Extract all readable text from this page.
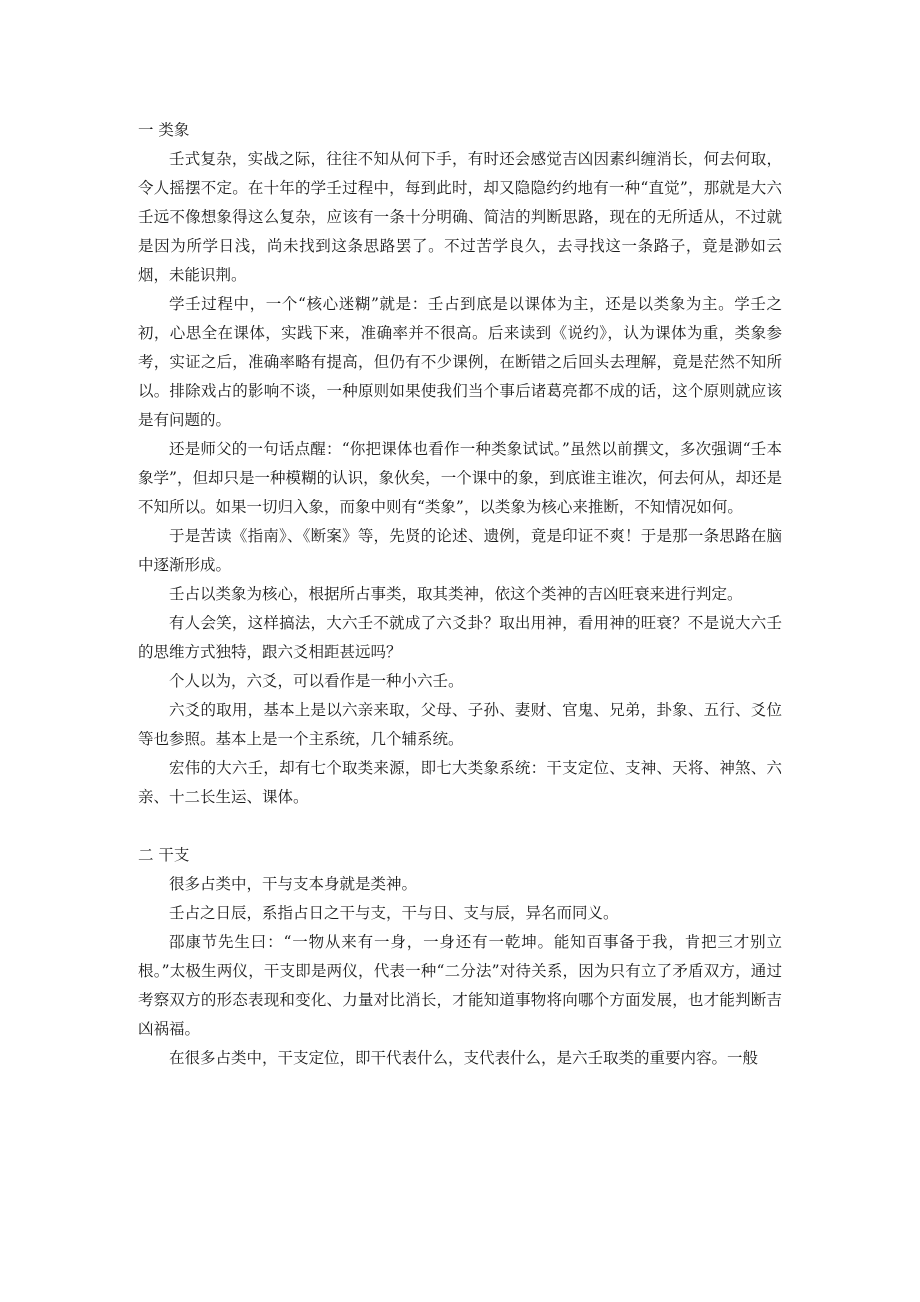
一 类象

壬式复杂，实战之际，往往不知从何下手，有时还会感觉吉凶因素纠缠消长，何去何取，令人摇摆不定。在十年的学壬过程中，每到此时，却又隐隐约约地有一种“直觉”，那就是大六壬远不像想象得这么复杂，应该有一条十分明确、简洁的判断思路，现在的无所适从，不过就是因为所学日浅，尚未找到这条思路罢了。不过苦学良久，去寻找这一条路子，竟是渺如云烟，未能识荆。

学壬过程中，一个“核心迷糊”就是：壬占到底是以课体为主，还是以类象为主。学壬之初，心思全在课体，实践下来，准确率并不很高。后来读到《说约》，认为课体为重，类象参考，实证之后，准确率略有提高，但仍有不少课例，在断错之后回头去理解，竟是茫然不知所以。排除戏占的影响不谈，一种原则如果使我们当个事后诸葛亮都不成的话，这个原则就应该是有问题的。

还是师父的一句话点醒：“你把课体也看作一种类象试试。”虽然以前撰文，多次强调“壬本象学”，但却只是一种模糊的认识，象伙矣，一个课中的象，到底谁主谁次，何去何从，却还是不知所以。如果一切归入象，而象中则有“类象”，以类象为核心来推断，不知情况如何。

于是苦读《指南》、《断案》等，先贤的论述、遗例，竟是印证不爽！于是那一条思路在脑中逐渐形成。

壬占以类象为核心，根据所占事类，取其类神，依这个类神的吉凶旺衰来进行判定。

有人会笑，这样搞法，大六壬不就成了六爻卦？取出用神，看用神的旺衰？不是说大六壬的思维方式独特，跟六爻相距甚远吗？

个人以为，六爻，可以看作是一种小六壬。

六爻的取用，基本上是以六亲来取，父母、子孙、妻财、官鬼、兄弟，卦象、五行、爻位等也参照。基本上是一个主系统，几个辅系统。

宏伟的大六壬，却有七个取类来源，即七大类象系统：干支定位、支神、天将、神煞、六亲、十二长生运、课体。

二 干支

很多占类中，干与支本身就是类神。

壬占之日辰，系指占日之干与支，干与日、支与辰，异名而同义。

邵康节先生曰：“一物从来有一身，一身还有一乾坤。能知百事备于我，肯把三才别立根。”太极生两仪，干支即是两仪，代表一种“二分法”对待关系，因为只有立了矛盾双方，通过考察双方的形态表现和变化、力量对比消长，才能知道事物将向哪个方面发展，也才能判断吉凶祸福。

在很多占类中，干支定位，即干代表什么，支代表什么，是六壬取类的重要内容。一般
